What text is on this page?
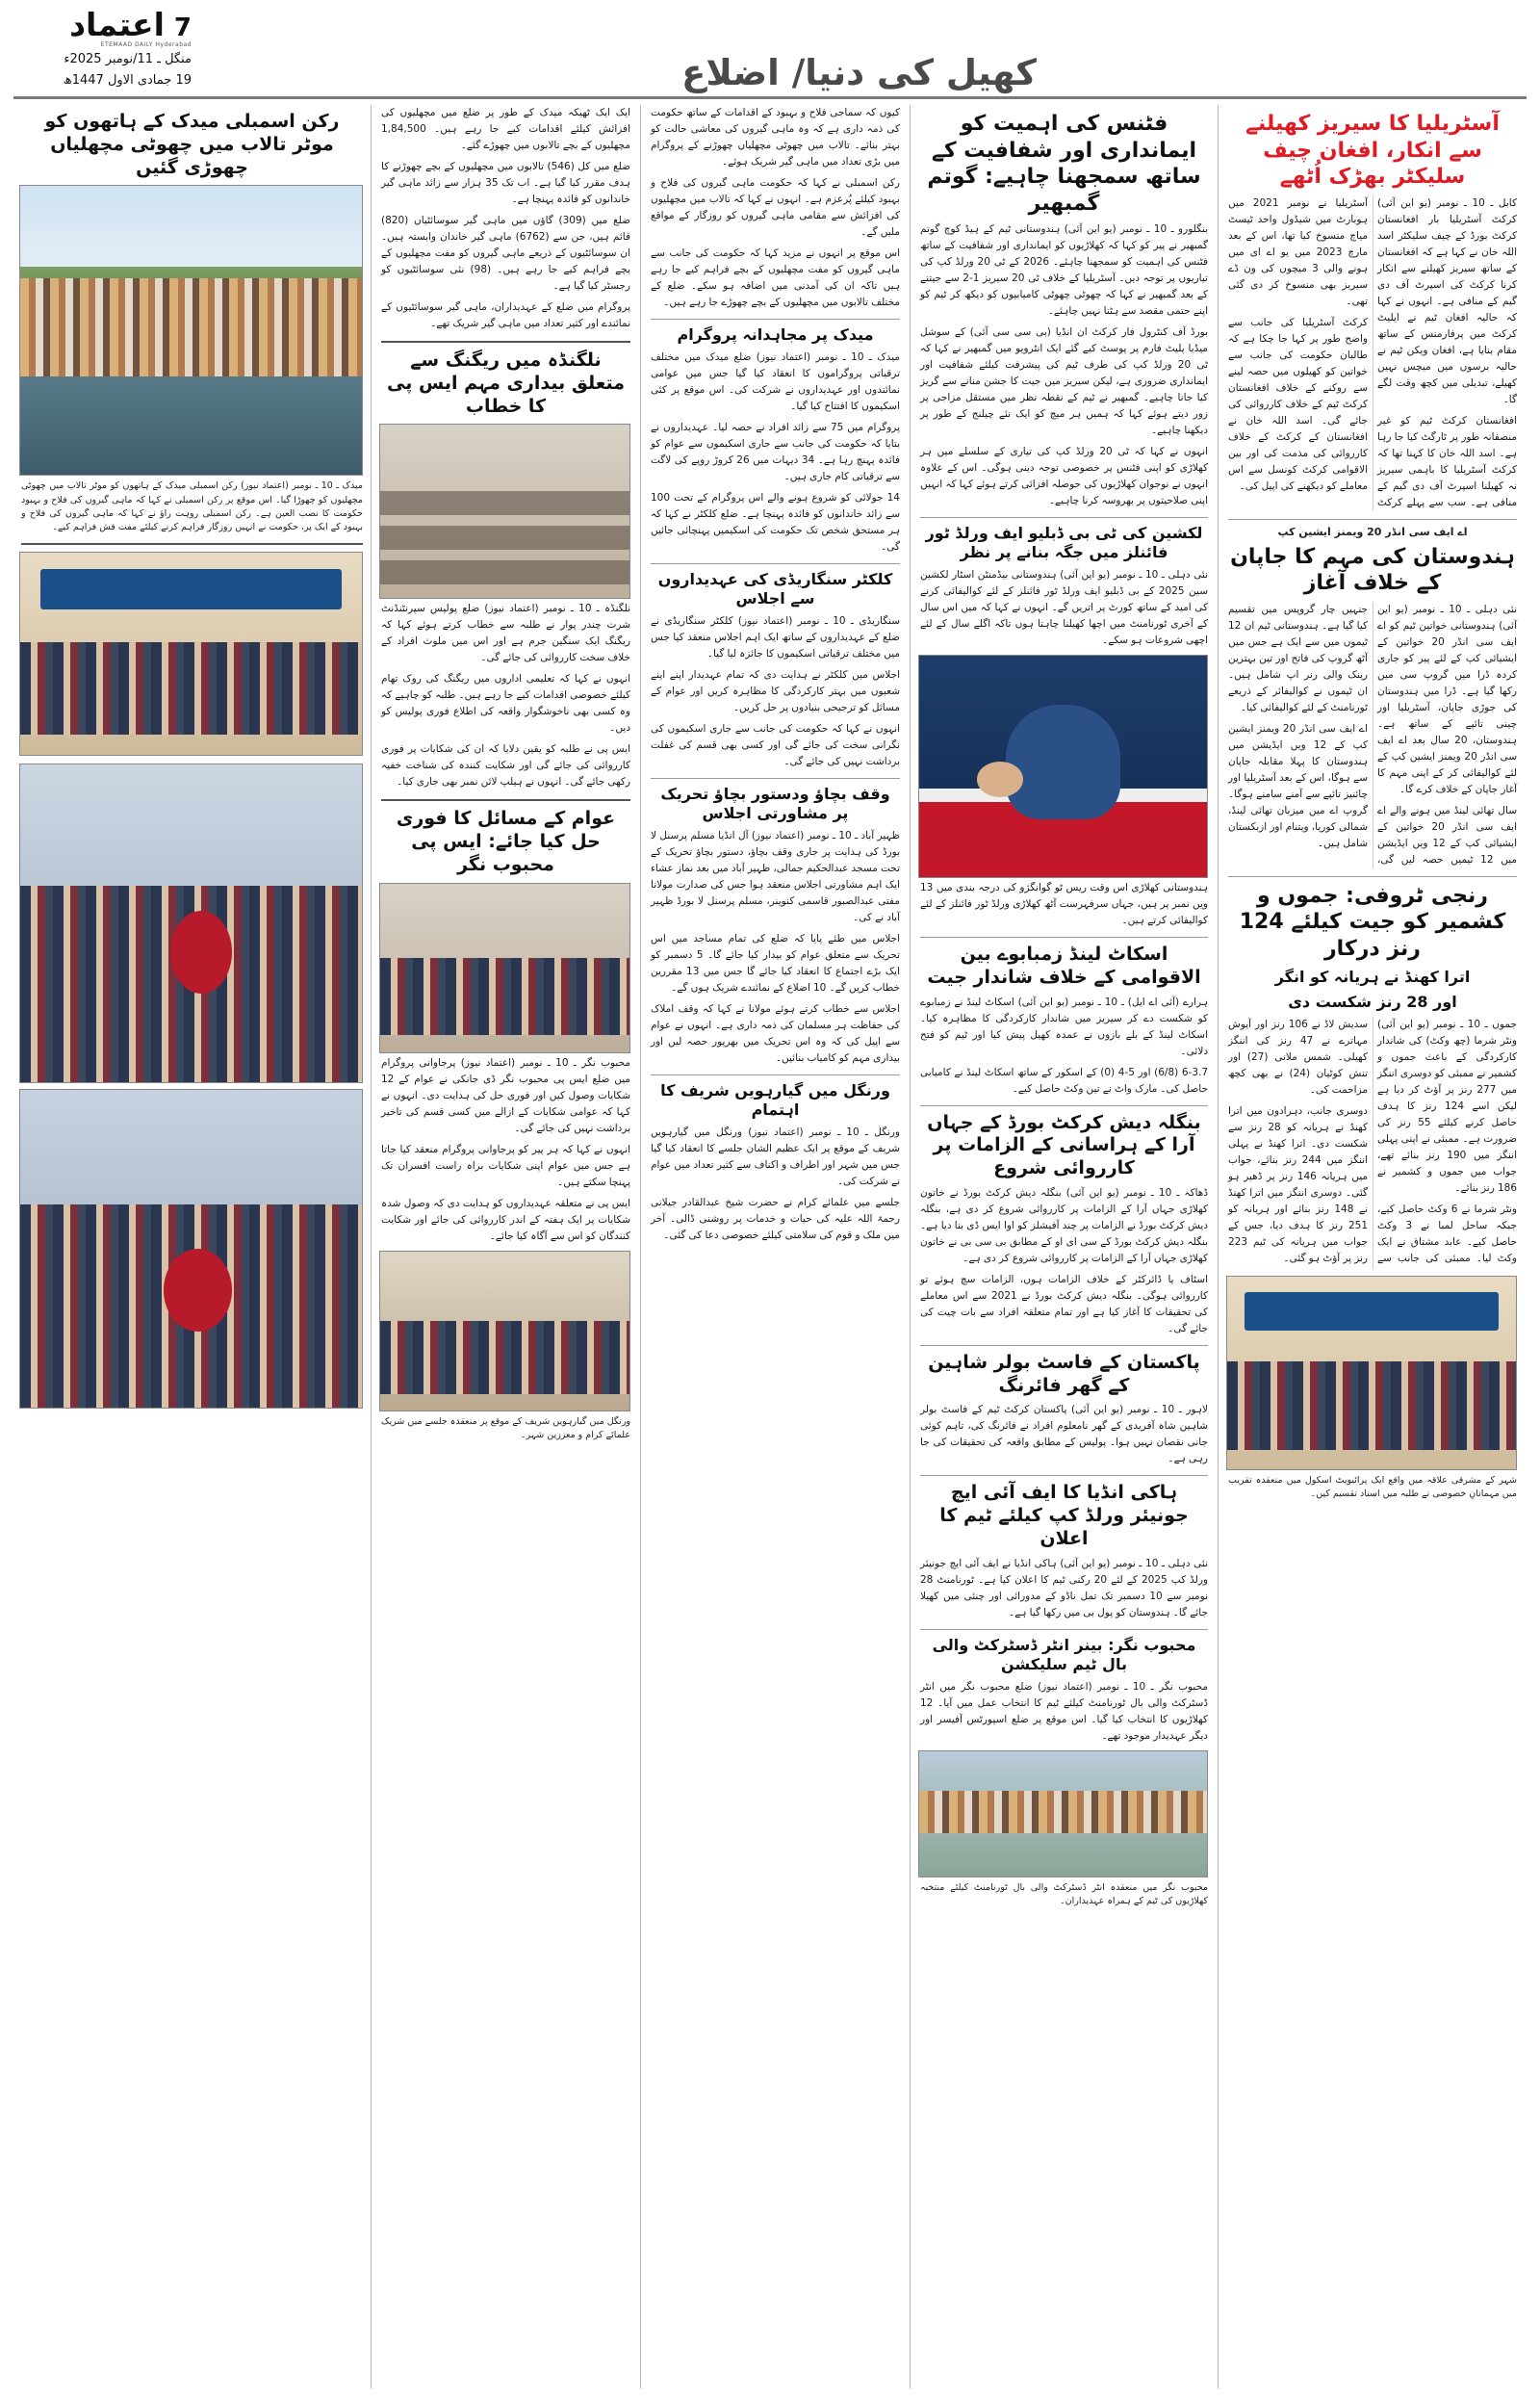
اعتماد 7
ETEMAAD DAILY Hyderabad
منگل ـ 11/نومبر 2025ء
19 جمادی الاول 1447ھ	کھیل کی دنیا/ اضلاع
آسٹریلیا کا سیریز کھیلنے سے انکار، افغان چیف سلیکٹر بھڑک اُٹھے

کابل ـ 10 ـ نومبر (یو این آئی) کرکٹ آسٹریلیا بار افغانستان کرکٹ بورڈ کے چیف سلیکٹر اسد اللہ خان نے کہا ہے کہ افغانستان کے ساتھ سیریز کھیلنے سے انکار کرنا کرکٹ کی اسپرٹ آف دی گیم کے منافی ہے۔ انہوں نے کہا کہ حالیہ افغان ٹیم نے ایلیٹ کرکٹ میں پرفارمنس کے ساتھ مقام بنایا ہے، افغان ویکن ٹیم نے حالیہ برسوں میں میچس نہیں کھیلے، تبدیلی میں کچھ وقت لگے گا۔

افغانستان کرکٹ ٹیم کو غیر منصفانہ طور پر ٹارگٹ کیا جا رہا ہے۔ اسد اللہ خان کا کہنا تھا کہ کرکٹ آسٹریلیا کا باہمی سیریز نہ کھیلنا اسپرٹ آف دی گیم کے منافی ہے۔ سب سے پہلے کرکٹ آسٹریلیا نے نومبر 2021 میں ہوبارٹ میں شیڈول واحد ٹیسٹ میاچ منسوخ کیا تھا، اس کے بعد مارچ 2023 میں یو اے ای میں ہونے والی 3 میچوں کی ون ڈے سیریز بھی منسوخ کر دی گئی تھی۔

کرکٹ آسٹریلیا کی جانب سے واضح طور پر کہا جا چکا ہے کہ طالبان حکومت کی جانب سے خواتین کو کھیلوں میں حصہ لینے سے روکنے کے خلاف افغانستان کرکٹ ٹیم کے خلاف کارروائی کی جائے گی۔ اسد اللہ خان نے افغانستان کے کرکٹ کے خلاف کارروائی کی مذمت کی اور بین الاقوامی کرکٹ کونسل سے اس معاملے کو دیکھنے کی اپیل کی۔

اے ایف سی انڈر 20 ویمنز ایشین کپ
ہندوستان کی مہم کا جاپان کے خلاف آغاز

نئی دہلی ـ 10 ـ نومبر (یو این آئی) ہندوستانی خواتین ٹیم کو اے ایف سی انڈر 20 خواتین کے ایشیائی کپ کے لئے پیر کو جاری کردہ ڈرا میں گروپ سی میں رکھا گیا ہے۔ ڈرا میں ہندوستان کی جوڑی جاپان، آسٹریلیا اور چینی تائپے کے ساتھ ہے۔ ہندوستان، 20 سال بعد اے ایف سی انڈر 20 ویمنز ایشین کپ کے لئے کوالیفائی کر کے اپنی مہم کا آغاز جاپان کے خلاف کرے گا۔

سال تھائی لینڈ میں ہونے والے اے ایف سی انڈر 20 خواتین کے ایشیائی کپ کے 12 ویں ایڈیشن میں 12 ٹیمیں حصہ لیں گی، جنہیں چار گروپس میں تقسیم کیا گیا ہے۔ ہندوستانی ٹیم ان 12 ٹیموں میں سے ایک ہے جس میں آٹھ گروپ کی فاتح اور تین بہترین رینک والی رنر اپ شامل ہیں۔ ان ٹیموں نے کوالیفائر کے ذریعے ٹورنامنٹ کے لئے کوالیفائی کیا۔

اے ایف سی انڈر 20 ویمنز ایشین کپ کے 12 ویں ایڈیشن میں ہندوستان کا پہلا مقابلہ جاپان سے ہوگا، اس کے بعد آسٹریلیا اور چائنیز تائپے سے آمنے سامنے ہوگا۔ گروپ اے میں میزبان تھائی لینڈ، شمالی کوریا، ویتنام اور ازبکستان شامل ہیں۔

رنجی ٹروفی: جموں و کشمیر کو جیت کیلئے 124 رنز درکار
اترا کھنڈ نے ہریانہ کو انگر
اور 28 رنز شکست دی

جموں ـ 10 ـ نومبر (یو این آئی) ونٹر شرما (چھ وکٹ) کی شاندار کارکردگی کے باعث جموں و کشمیر نے ممبئی کو دوسری اننگز میں 277 رنز پر آؤٹ کر دیا ہے لیکن اسے 124 رنز کا ہدف حاصل کرنے کیلئے 55 رنز کی ضرورت ہے۔ ممبئی نے اپنی پہلی اننگز میں 190 رنز بنائے تھے، جواب میں جموں و کشمیر نے 186 رنز بنائے۔

ونٹر شرما نے 6 وکٹ حاصل کیے، جبکہ ساحل لمبا نے 3 وکٹ حاصل کیے۔ عابد مشتاق نے ایک وکٹ لیا۔ ممبئی کی جانب سے سدیش لاڈ نے 106 رنز اور آیوش مہاترے نے 47 رنز کی اننگز کھیلی۔ شمس ملانی (27) اور تنش کوٹیان (24) نے بھی کچھ مزاحمت کی۔

دوسری جانب، دہرادون میں اترا کھنڈ نے ہریانہ کو 28 رنز سے شکست دی۔ اترا کھنڈ نے پہلی اننگز میں 244 رنز بنائے، جواب میں ہریانہ 146 رنز پر ڈھیر ہو گئی۔ دوسری اننگز میں اترا کھنڈ نے 148 رنز بنائے اور ہریانہ کو 251 رنز کا ہدف دیا، جس کے جواب میں ہریانہ کی ٹیم 223 رنز پر آؤٹ ہو گئی۔

شہر کے مشرقی علاقہ میں واقع ایک پرائیویٹ اسکول میں منعقدہ تقریب میں مہمانانِ خصوصی نے طلبہ میں اسناد تقسیم کیں۔
فٹنس کی اہمیت کو ایمانداری اور شفافیت کے ساتھ سمجھنا چاہیے: گوتم گمبھیر

بنگلورو ـ 10 ـ نومبر (یو این آئی) ہندوستانی ٹیم کے ہیڈ کوچ گوتم گمبھیر نے پیر کو کہا کہ کھلاڑیوں کو ایمانداری اور شفافیت کے ساتھ فٹنس کی اہمیت کو سمجھنا چاہئے۔ 2026 کے ٹی 20 ورلڈ کپ کی تیاریوں پر توجہ دیں۔ آسٹریلیا کے خلاف ٹی 20 سیریز 1-2 سے جیتنے کے بعد گمبھیر نے کہا کہ چھوٹی چھوٹی کامیابیوں کو دیکھ کر ٹیم کو اپنے حتمی مقصد سے ہٹنا نہیں چاہئے۔

بورڈ آف کنٹرول فار کرکٹ ان انڈیا (بی سی سی آئی) کے سوشل میڈیا پلیٹ فارم پر پوسٹ کیے گئے ایک انٹرویو میں گمبھیر نے کہا کہ ٹی 20 ورلڈ کپ کی طرف ٹیم کی پیشرفت کیلئے شفافیت اور ایمانداری ضروری ہے، لیکن سیریز میں جیت کا جشن منانے سے گریز کیا جانا چاہیے۔ گمبھیر نے ٹیم کے نقطہ نظر میں مستقل مزاجی پر زور دیتے ہوئے کہا کہ ہمیں ہر میچ کو ایک نئے چیلنج کے طور پر دیکھنا چاہیے۔

انہوں نے کہا کہ ٹی 20 ورلڈ کپ کی تیاری کے سلسلے میں ہر کھلاڑی کو اپنی فٹنس پر خصوصی توجہ دینی ہوگی۔ اس کے علاوہ انہوں نے نوجوان کھلاڑیوں کی حوصلہ افزائی کرتے ہوئے کہا کہ انہیں اپنی صلاحیتوں پر بھروسہ کرنا چاہیے۔

لکشین کی ٹی بی ڈبلیو ایف ورلڈ ٹور فائنلز میں جگہ بنانے پر نظر

نئی دہلی ـ 10 ـ نومبر (یو این آئی) ہندوستانی بیڈمنٹن اسٹار لکشین سین 2025 کے بی ڈبلیو ایف ورلڈ ٹور فائنلز کے لئے کوالیفائی کرنے کی امید کے ساتھ کورٹ پر اتریں گے۔ انہوں نے کہا کہ میں اس سال کے آخری ٹورنامنٹ میں اچھا کھیلنا چاہتا ہوں تاکہ اگلے سال کے لئے اچھی شروعات ہو سکے۔

ہندوستانی کھلاڑی اس وقت ریس ٹو گوانگژو کی درجہ بندی میں 13 ویں نمبر پر ہیں، جہاں سرفہرست آٹھ کھلاڑی ورلڈ ٹور فائنلز کے لئے کوالیفائی کرتے ہیں۔

اسکاٹ لینڈ زمبابوے بین الاقوامی کے خلاف شاندار جیت

ہرارے (آئی اے ایل) ـ 10 ـ نومبر (یو این آئی) اسکاٹ لینڈ نے زمبابوے کو شکست دے کر سیریز میں شاندار کارکردگی کا مظاہرہ کیا۔ اسکاٹ لینڈ کے بلے بازوں نے عمدہ کھیل پیش کیا اور ٹیم کو فتح دلائی۔

6-3.7 (6/8) اور 5-4 (0) کے اسکور کے ساتھ اسکاٹ لینڈ نے کامیابی حاصل کی۔ مارک واٹ نے تین وکٹ حاصل کیے۔

بنگلہ دیش کرکٹ بورڈ کے جہاں آرا کے ہراسانی کے الزامات پر کارروائی شروع

ڈھاکہ ـ 10 ـ نومبر (یو این آئی) بنگلہ دیش کرکٹ بورڈ نے خاتون کھلاڑی جہاں آرا کے الزامات پر کارروائی شروع کر دی ہے، بنگلہ دیش کرکٹ بورڈ نے الزامات پر چند آفیشلز کو اوا ایس ڈی بنا دیا ہے۔ بنگلہ دیش کرکٹ بورڈ کے سی ای او کے مطابق بی سی بی نے خاتون کھلاڑی جہاں آرا کے الزامات پر کارروائی شروع کر دی ہے۔

اسٹاف یا ڈائرکٹر کے خلاف الزامات ہوں، الزامات سچ ہوئے تو کارروائی ہوگی۔ بنگلہ دیش کرکٹ بورڈ نے 2021 سے اس معاملے کی تحقیقات کا آغاز کیا ہے اور تمام متعلقہ افراد سے بات چیت کی جائے گی۔

پاکستان کے فاسٹ بولر شاہین کے گھر فائرنگ

لاہور ـ 10 ـ نومبر (یو این آئی) پاکستان کرکٹ ٹیم کے فاسٹ بولر شاہین شاہ آفریدی کے گھر نامعلوم افراد نے فائرنگ کی، تاہم کوئی جانی نقصان نہیں ہوا۔ پولیس کے مطابق واقعہ کی تحقیقات کی جا رہی ہے۔

ہاکی انڈیا کا ایف آئی ایچ جونیئر ورلڈ کپ کیلئے ٹیم کا اعلان

نئی دہلی ـ 10 ـ نومبر (یو این آئی) ہاکی انڈیا نے ایف آئی ایچ جونیئر ورلڈ کپ 2025 کے لئے 20 رکنی ٹیم کا اعلان کیا ہے۔ ٹورنامنٹ 28 نومبر سے 10 دسمبر تک تمل ناڈو کے مدورائی اور چنئی میں کھیلا جائے گا۔ ہندوستان کو پول بی میں رکھا گیا ہے۔

محبوب نگر: بینر انٹر ڈسٹرکٹ والی بال ٹیم سلیکشن

محبوب نگر ـ 10 ـ نومبر (اعتماد نیوز) ضلع محبوب نگر میں انٹر ڈسٹرکٹ والی بال ٹورنامنٹ کیلئے ٹیم کا انتخاب عمل میں آیا۔ 12 کھلاڑیوں کا انتخاب کیا گیا۔ اس موقع پر ضلع اسپورٹس آفیسر اور دیگر عہدیدار موجود تھے۔

محبوب نگر میں منعقدہ انٹر ڈسٹرکٹ والی بال ٹورنامنٹ کیلئے منتخبہ کھلاڑیوں کی ٹیم کے ہمراہ عہدیداران۔

کیوں کہ سماجی فلاح و بہبود کے اقدامات کے ساتھ حکومت کی ذمہ داری ہے کہ وہ ماہی گیروں کی معاشی حالت کو بہتر بنائے۔ تالاب میں چھوٹی مچھلیاں چھوڑنے کے پروگرام میں بڑی تعداد میں ماہی گیر شریک ہوئے۔

رکن اسمبلی نے کہا کہ حکومت ماہی گیروں کی فلاح و بہبود کیلئے پُرعزم ہے۔ انہوں نے کہا کہ تالاب میں مچھلیوں کی افزائش سے مقامی ماہی گیروں کو روزگار کے مواقع ملیں گے۔

اس موقع پر انہوں نے مزید کہا کہ حکومت کی جانب سے ماہی گیروں کو مفت مچھلیوں کے بچے فراہم کیے جا رہے ہیں تاکہ ان کی آمدنی میں اضافہ ہو سکے۔ ضلع کے مختلف تالابوں میں مچھلیوں کے بچے چھوڑے جا رہے ہیں۔

میدک پر مجاہدانہ پروگرام

میدک ـ 10 ـ نومبر (اعتماد نیوز) ضلع میدک میں مختلف ترقیاتی پروگراموں کا انعقاد کیا گیا جس میں عوامی نمائندوں اور عہدیداروں نے شرکت کی۔ اس موقع پر کئی اسکیموں کا افتتاح کیا گیا۔

پروگرام میں 75 سے زائد افراد نے حصہ لیا۔ عہدیداروں نے بتایا کہ حکومت کی جانب سے جاری اسکیموں سے عوام کو فائدہ پہنچ رہا ہے۔ 34 دیہات میں 26 کروڑ روپے کی لاگت سے ترقیاتی کام جاری ہیں۔

14 جولائی کو شروع ہونے والے اس پروگرام کے تحت 100 سے زائد خاندانوں کو فائدہ پہنچا ہے۔ ضلع کلکٹر نے کہا کہ ہر مستحق شخص تک حکومت کی اسکیمیں پہنچائی جائیں گی۔

کلکٹر سنگاریڈی کی عہدیداروں سے اجلاس

سنگاریڈی ـ 10 ـ نومبر (اعتماد نیوز) کلکٹر سنگاریڈی نے ضلع کے عہدیداروں کے ساتھ ایک اہم اجلاس منعقد کیا جس میں مختلف ترقیاتی اسکیموں کا جائزہ لیا گیا۔

اجلاس میں کلکٹر نے ہدایت دی کہ تمام عہدیدار اپنے اپنے شعبوں میں بہتر کارکردگی کا مظاہرہ کریں اور عوام کے مسائل کو ترجیحی بنیادوں پر حل کریں۔

انہوں نے کہا کہ حکومت کی جانب سے جاری اسکیموں کی نگرانی سخت کی جائے گی اور کسی بھی قسم کی غفلت برداشت نہیں کی جائے گی۔

وقف بچاؤ ودستور بچاؤ تحریک پر مشاورتی اجلاس

ظہیر آباد ـ 10 ـ نومبر (اعتماد نیوز) آل انڈیا مسلم پرسنل لا بورڈ کی ہدایت پر جاری وقف بچاؤ، دستور بچاؤ تحریک کے تحت مسجد عبدالحکیم جمالی، ظہیر آباد میں بعد نماز عشاء ایک اہم مشاورتی اجلاس منعقد ہوا جس کی صدارت مولانا مفتی عبدالصبور قاسمی کنوینر، مسلم پرسنل لا بورڈ ظہیر آباد نے کی۔

اجلاس میں طئے پایا کہ ضلع کی تمام مساجد میں اس تحریک سے متعلق عوام کو بیدار کیا جائے گا۔ 5 دسمبر کو ایک بڑے اجتماع کا انعقاد کیا جائے گا جس میں 13 مقررین خطاب کریں گے۔ 10 اضلاع کے نمائندے شریک ہوں گے۔

اجلاس سے خطاب کرتے ہوئے مولانا نے کہا کہ وقف املاک کی حفاظت ہر مسلمان کی ذمہ داری ہے۔ انہوں نے عوام سے اپیل کی کہ وہ اس تحریک میں بھرپور حصہ لیں اور بیداری مہم کو کامیاب بنائیں۔

ورنگل میں گیارہویں شریف کا اہتمام

ورنگل ـ 10 ـ نومبر (اعتماد نیوز) ورنگل میں گیارہویں شریف کے موقع پر ایک عظیم الشان جلسے کا انعقاد کیا گیا جس میں شہر اور اطراف و اکناف سے کثیر تعداد میں عوام نے شرکت کی۔

جلسے میں علمائے کرام نے حضرت شیخ عبدالقادر جیلانی رحمۃ اللہ علیہ کی حیات و خدمات پر روشنی ڈالی۔ آخر میں ملک و قوم کی سلامتی کیلئے خصوصی دعا کی گئی۔

ایک ایک ٹھیکہ میدک کے طور پر ضلع میں مچھلیوں کی افزائش کیلئے اقدامات کیے جا رہے ہیں۔ 1,84,500 مچھلیوں کے بچے تالابوں میں چھوڑے گئے۔

ضلع میں کل (546) تالابوں میں مچھلیوں کے بچے چھوڑنے کا ہدف مقرر کیا گیا ہے۔ اب تک 35 ہزار سے زائد ماہی گیر خاندانوں کو فائدہ پہنچا ہے۔

ضلع میں (309) گاؤں میں ماہی گیر سوسائٹیاں (820) قائم ہیں، جن سے (6762) ماہی گیر خاندان وابستہ ہیں۔ ان سوسائٹیوں کے ذریعے ماہی گیروں کو مفت مچھلیوں کے بچے فراہم کیے جا رہے ہیں۔ (98) نئی سوسائٹیوں کو رجسٹر کیا گیا ہے۔

پروگرام میں ضلع کے عہدیداران، ماہی گیر سوسائٹیوں کے نمائندے اور کثیر تعداد میں ماہی گیر شریک تھے۔

نلگنڈہ میں ریگنگ سے متعلق بیداری مہم ایس پی کا خطاب

نلگنڈہ ـ 10 ـ نومبر (اعتماد نیوز) ضلع پولیس سپرنٹنڈنٹ شرت چندر پوار نے طلبہ سے خطاب کرتے ہوئے کہا کہ ریگنگ ایک سنگین جرم ہے اور اس میں ملوث افراد کے خلاف سخت کارروائی کی جائے گی۔

انہوں نے کہا کہ تعلیمی اداروں میں ریگنگ کی روک تھام کیلئے خصوصی اقدامات کیے جا رہے ہیں۔ طلبہ کو چاہیے کہ وہ کسی بھی ناخوشگوار واقعہ کی اطلاع فوری پولیس کو دیں۔

ایس پی نے طلبہ کو یقین دلایا کہ ان کی شکایات پر فوری کارروائی کی جائے گی اور شکایت کنندہ کی شناخت خفیہ رکھی جائے گی۔ انہوں نے ہیلپ لائن نمبر بھی جاری کیا۔

عوام کے مسائل کا فوری حل کیا جائے: ایس پی محبوب نگر

محبوب نگر ـ 10 ـ نومبر (اعتماد نیوز) پرجاوانی پروگرام میں ضلع ایس پی محبوب نگر ڈی جانکی نے عوام کے 12 شکایات وصول کیں اور فوری حل کی ہدایت دی۔ انہوں نے کہا کہ عوامی شکایات کے ازالے میں کسی قسم کی تاخیر برداشت نہیں کی جائے گی۔

انہوں نے کہا کہ ہر پیر کو پرجاوانی پروگرام منعقد کیا جاتا ہے جس میں عوام اپنی شکایات براہ راست افسران تک پہنچا سکتے ہیں۔

ایس پی نے متعلقہ عہدیداروں کو ہدایت دی کہ وصول شدہ شکایات پر ایک ہفتہ کے اندر کارروائی کی جائے اور شکایت کنندگان کو اس سے آگاہ کیا جائے۔

ورنگل میں گیارہویں شریف کے موقع پر منعقدہ جلسے میں شریک علمائے کرام و معززین شہر۔
رکن اسمبلی میدک کے ہاتھوں کو موٹر تالاب میں چھوٹی مچھلیاں چھوڑی گئیں
میدک ـ 10 ـ نومبر (اعتماد نیوز) رکن اسمبلی میدک کے ہاتھوں کو موٹر تالاب میں چھوٹی مچھلیوں کو چھوڑا گیا۔ اس موقع پر رکن اسمبلی نے کہا کہ ماہی گیروں کی فلاح و بہبود حکومت کا نصب العین ہے۔ رکن اسمبلی روہت راؤ نے کہا کہ ماہی گیروں کی فلاح و بہبود کے ایک پر، حکومت نے انہیں روزگار فراہم کرنے کیلئے مفت فش فراہم کیے۔
